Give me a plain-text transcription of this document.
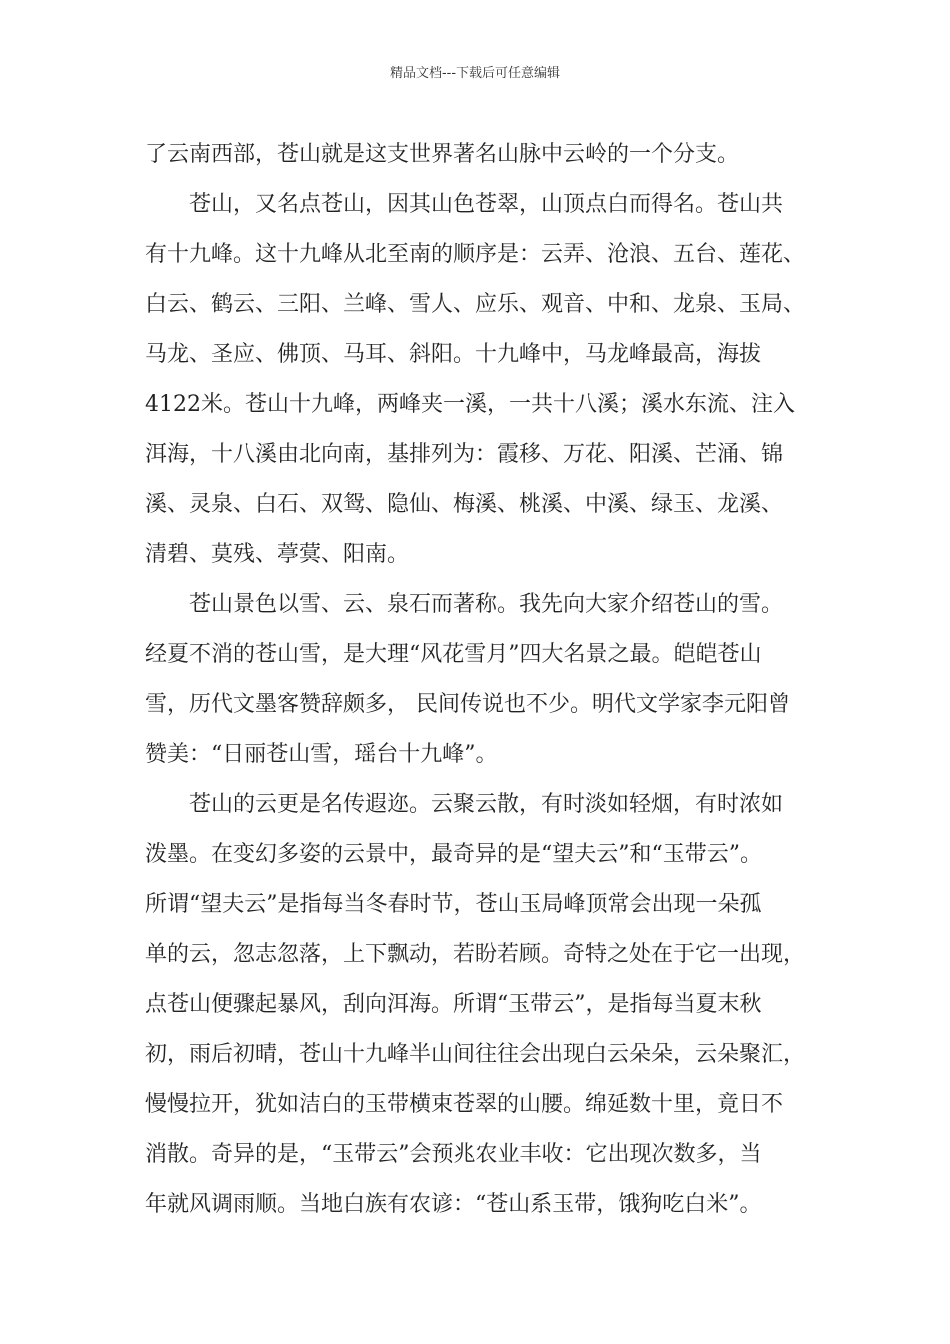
精品文档---下载后可任意编辑
了云南西部，苍山就是这支世界著名山脉中云岭的一个分支。
　　苍山，又名点苍山，因其山色苍翠，山顶点白而得名。苍山共
有十九峰。这十九峰从北至南的顺序是：云弄、沧浪、五台、莲花、
白云、鹤云、三阳、兰峰、雪人、应乐、观音、中和、龙泉、玉局、
马龙、圣应、佛顶、马耳、斜阳。十九峰中，马龙峰最高，海拔
4122米。苍山十九峰，两峰夹一溪，一共十八溪；溪水东流、注入
洱海，十八溪由北向南，基排列为：霞移、万花、阳溪、芒涌、锦
溪、灵泉、白石、双鸳、隐仙、梅溪、桃溪、中溪、绿玉、龙溪、
清碧、莫残、葶蓂、阳南。
　　苍山景色以雪、云、泉石而著称。我先向大家介绍苍山的雪。
经夏不消的苍山雪，是大理“风花雪月”四大名景之最。皑皑苍山
雪，历代文墨客赞辞颇多， 民间传说也不少。明代文学家李元阳曾
赞美：“日丽苍山雪，瑶台十九峰”。
　　苍山的云更是名传遐迩。云聚云散，有时淡如轻烟，有时浓如
泼墨。在变幻多姿的云景中，最奇异的是“望夫云”和“玉带云”。
所谓“望夫云”是指每当冬春时节，苍山玉局峰顶常会出现一朵孤
单的云，忽志忽落，上下飘动，若盼若顾。奇特之处在于它一出现，
点苍山便骤起暴风，刮向洱海。所谓“玉带云”，是指每当夏末秋
初，雨后初晴，苍山十九峰半山间往往会出现白云朵朵，云朵聚汇，
慢慢拉开，犹如洁白的玉带横束苍翠的山腰。绵延数十里，竟日不
消散。奇异的是，“玉带云”会预兆农业丰收：它出现次数多，当
年就风调雨顺。当地白族有农谚：“苍山系玉带，饿狗吃白米”。
